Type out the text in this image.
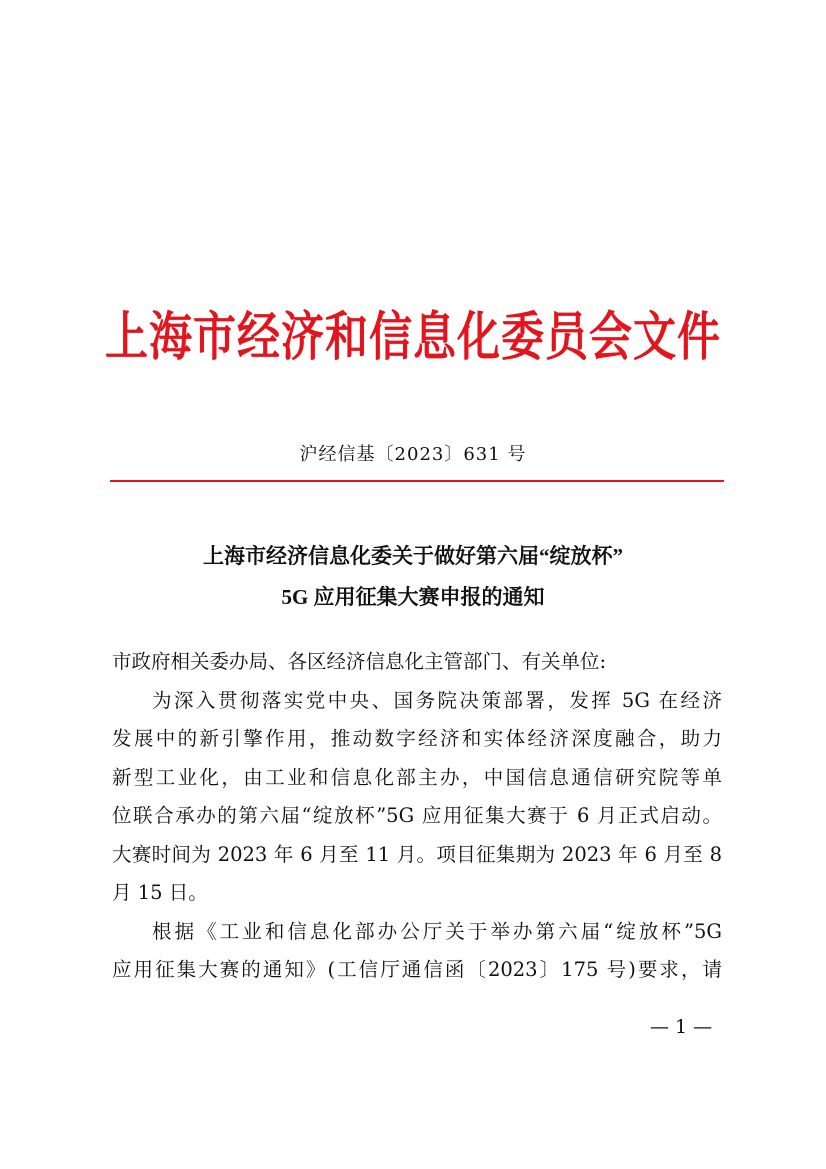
上海市经济和信息化委员会文件
沪经信基〔2023〕631 号
上海市经济信息化委关于做好第六届“绽放杯”
5G 应用征集大赛申报的通知
市政府相关委办局、各区经济信息化主管部门、有关单位:
为深入贯彻落实党中央、国务院决策部署，发挥 5G 在经济
发展中的新引擎作用，推动数字经济和实体经济深度融合，助力
新型工业化，由工业和信息化部主办，中国信息通信研究院等单
位联合承办的第六届“绽放杯”5G 应用征集大赛于 6 月正式启动。
大赛时间为 2023 年 6 月至 11 月。项目征集期为 2023 年 6 月至 8
月 15 日。
根据《工业和信息化部办公厅关于举办第六届“绽放杯”5G
应用征集大赛的通知》(工信厅通信函〔2023〕175 号)要求，请
— 1 —
